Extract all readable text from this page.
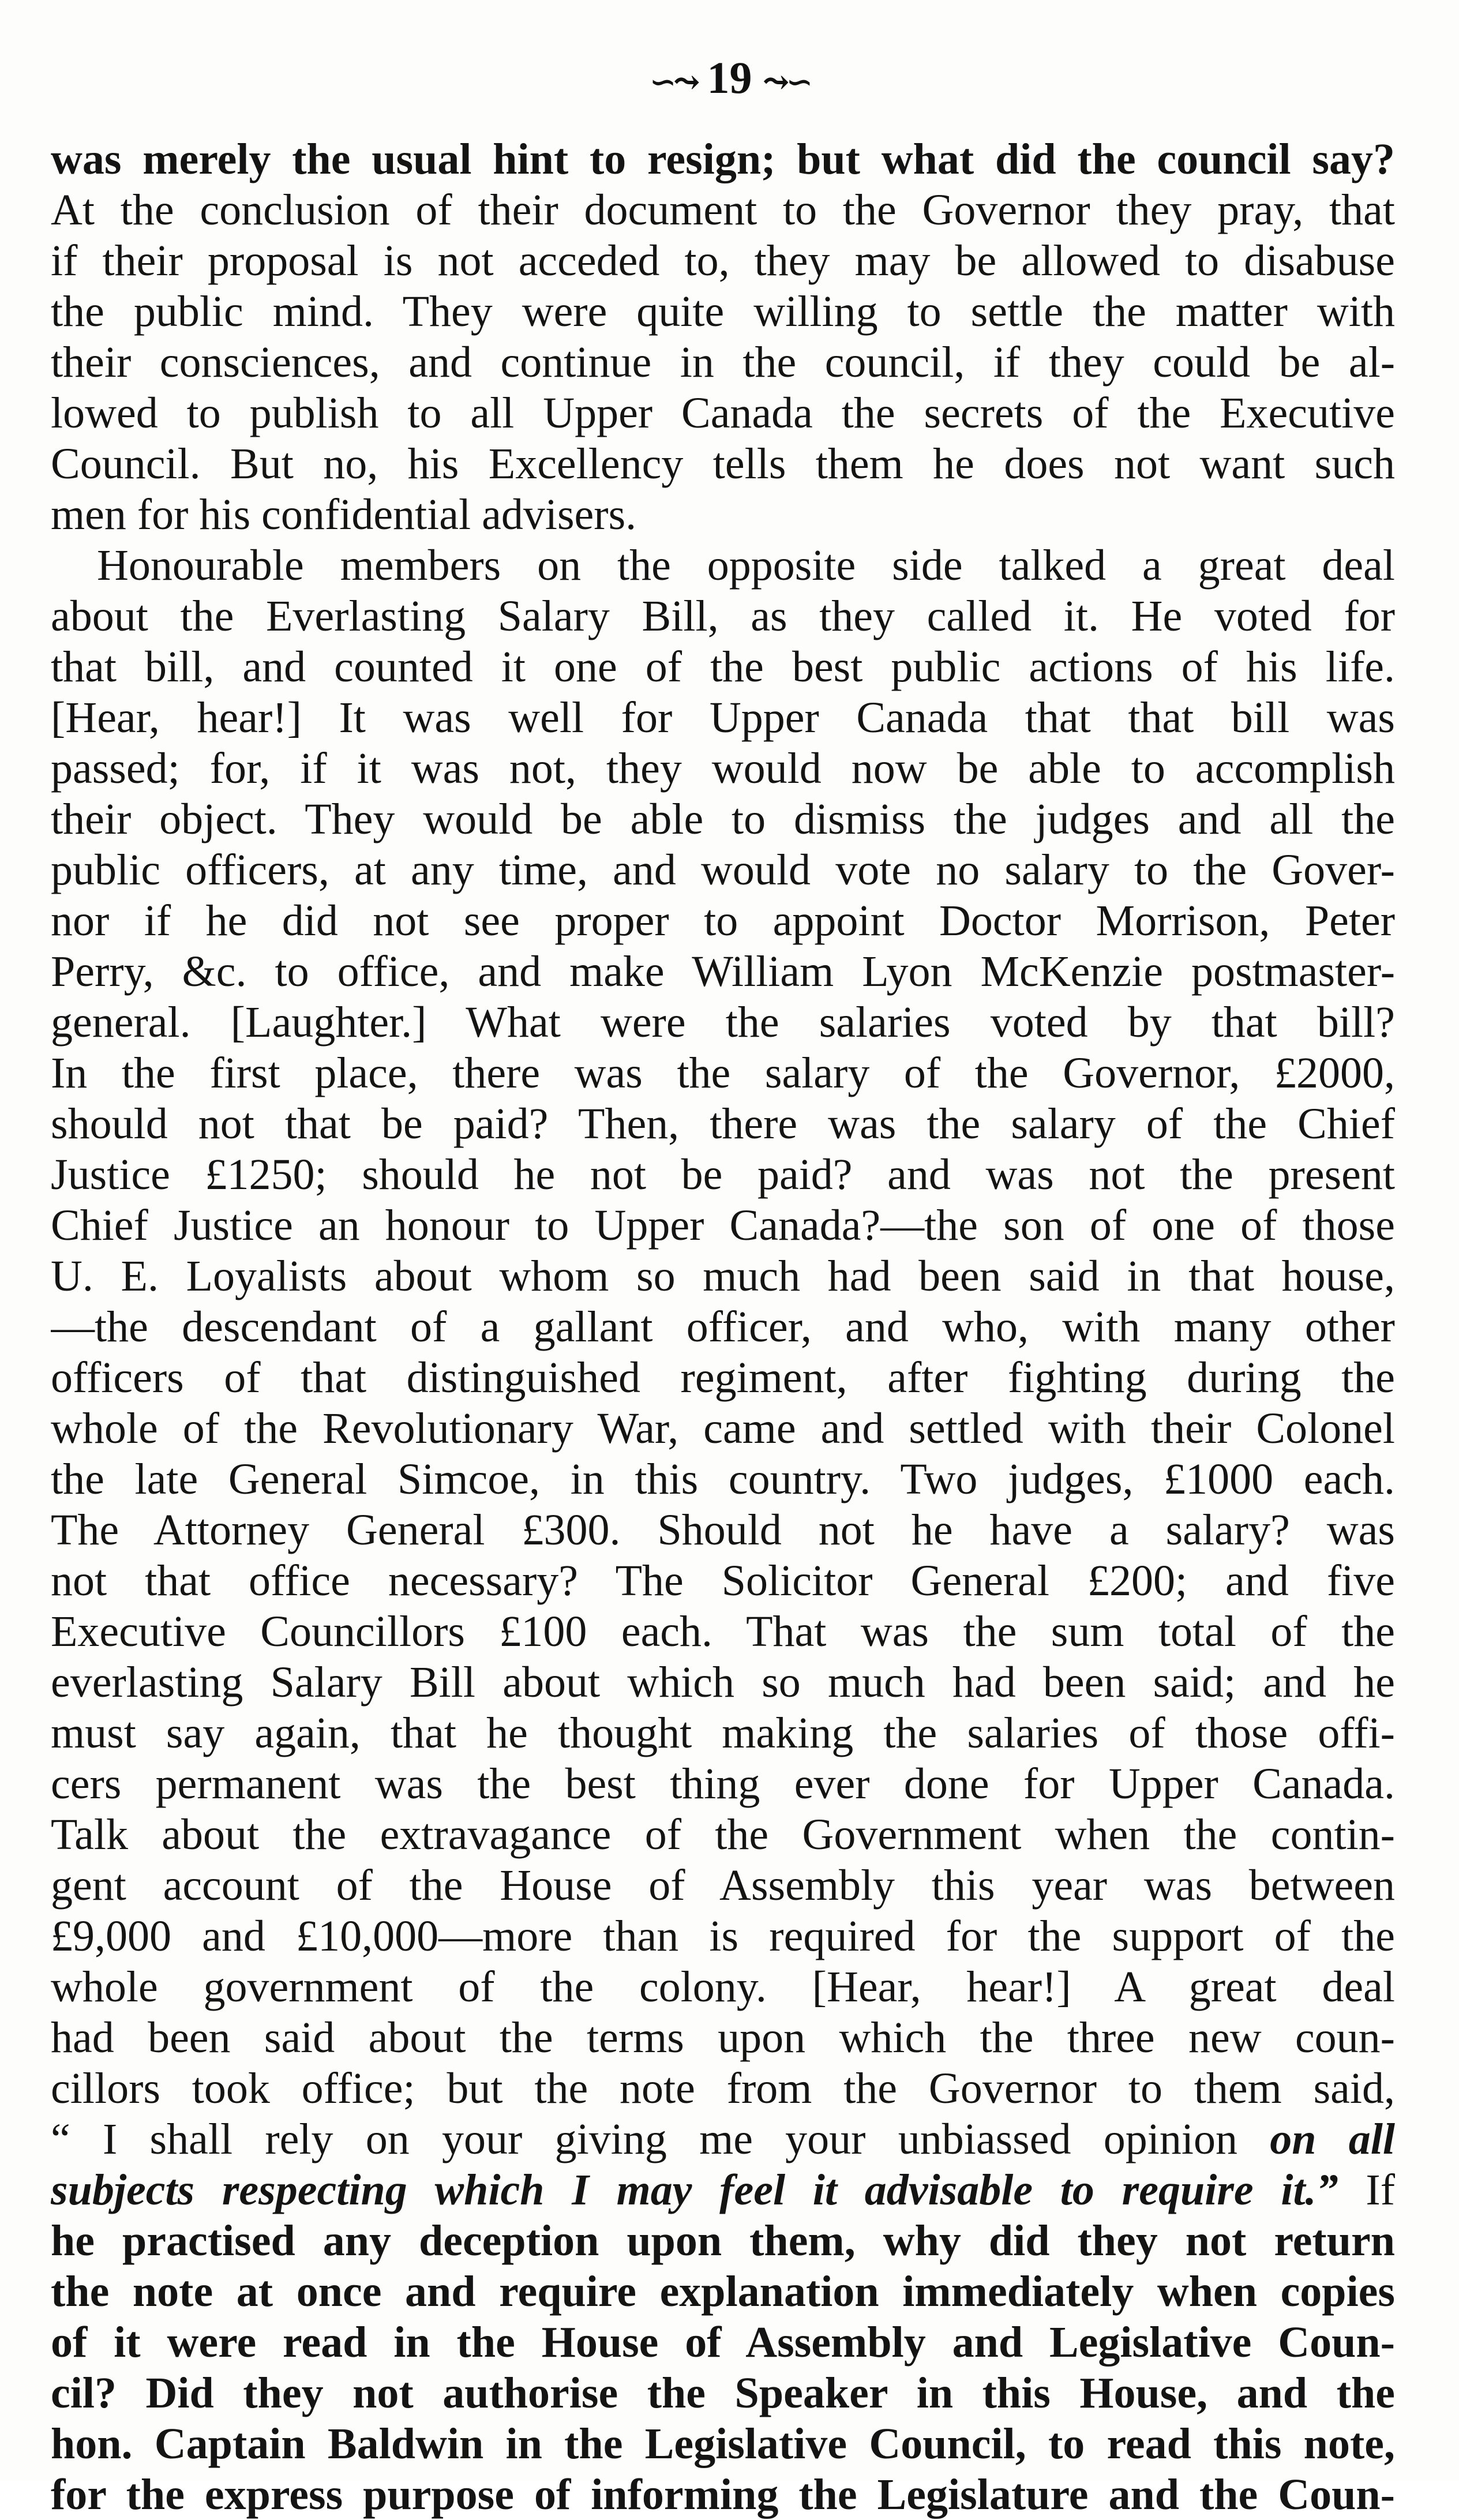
∽⤳ 19 ⤳∽
was merely the usual hint to resign; but what did the council say?
At the conclusion of their document to the Governor they pray, that
if their proposal is not acceded to, they may be allowed to disabuse
the public mind. They were quite willing to settle the matter with
their consciences, and continue in the council, if they could be al-
lowed to publish to all Upper Canada the secrets of the Executive
Council. But no, his Excellency tells them he does not want such
men for his confidential advisers.
Honourable members on the opposite side talked a great deal
about the Everlasting Salary Bill, as they called it. He voted for
that bill, and counted it one of the best public actions of his life.
[Hear, hear!] It was well for Upper Canada that that bill was
passed; for, if it was not, they would now be able to accomplish
their object. They would be able to dismiss the judges and all the
public officers, at any time, and would vote no salary to the Gover-
nor if he did not see proper to appoint Doctor Morrison, Peter
Perry, &c. to office, and make William Lyon McKenzie postmaster-
general. [Laughter.] What were the salaries voted by that bill?
In the first place, there was the salary of the Governor, £2000,
should not that be paid? Then, there was the salary of the Chief
Justice £1250; should he not be paid? and was not the present
Chief Justice an honour to Upper Canada?—the son of one of those
U. E. Loyalists about whom so much had been said in that house,
—the descendant of a gallant officer, and who, with many other
officers of that distinguished regiment, after fighting during the
whole of the Revolutionary War, came and settled with their Colonel
the late General Simcoe, in this country. Two judges, £1000 each.
The Attorney General £300. Should not he have a salary? was
not that office necessary? The Solicitor General £200; and five
Executive Councillors £100 each. That was the sum total of the
everlasting Salary Bill about which so much had been said; and he
must say again, that he thought making the salaries of those offi-
cers permanent was the best thing ever done for Upper Canada.
Talk about the extravagance of the Government when the contin-
gent account of the House of Assembly this year was between
£9,000 and £10,000—more than is required for the support of the
whole government of the colony. [Hear, hear!] A great deal
had been said about the terms upon which the three new coun-
cillors took office; but the note from the Governor to them said,
“ I shall rely on your giving me your unbiassed opinion on all
subjects respecting which I may feel it advisable to require it.” If
he practised any deception upon them, why did they not return
the note at once and require explanation immediately when copies
of it were read in the House of Assembly and Legislative Coun-
cil? Did they not authorise the Speaker in this House, and the
hon. Captain Baldwin in the Legislative Council, to read this note,
for the express purpose of informing the Legislature and the Coun-
